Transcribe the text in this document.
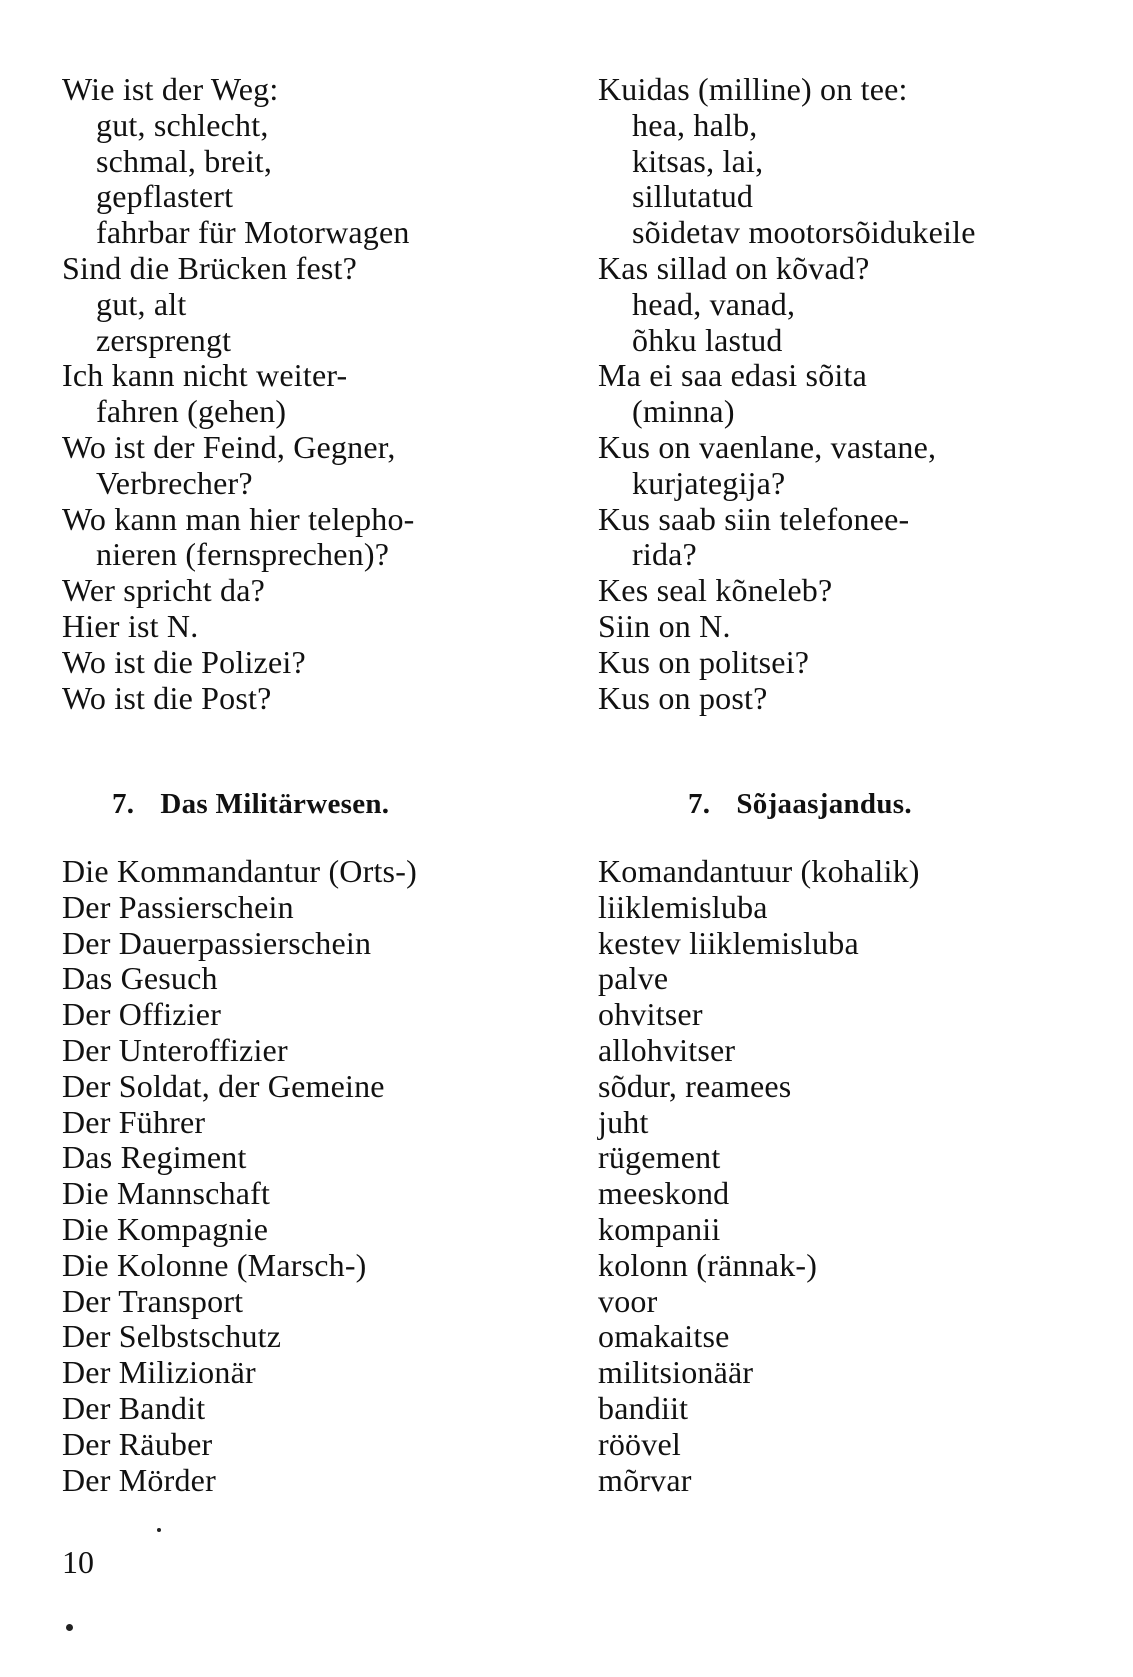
Wie ist der Weg:
gut, schlecht,
schmal, breit,
gepflastert
fahrbar für Motorwagen
Sind die Brücken fest?
gut, alt
zersprengt
Ich kann nicht weiter-
fahren (gehen)
Wo ist der Feind, Gegner,
Verbrecher?
Wo kann man hier telepho-
nieren (fernsprechen)?
Wer spricht da?
Hier ist N.
Wo ist die Polizei?
Wo ist die Post?
Kuidas (milline) on tee:
hea, halb,
kitsas, lai,
sillutatud
sõidetav mootorsõidukeile
Kas sillad on kõvad?
head, vanad,
õhku lastud
Ma ei saa edasi sõita
(minna)
Kus on vaenlane, vastane,
kurjategija?
Kus saab siin telefonee-
rida?
Kes seal kõneleb?
Siin on N.
Kus on politsei?
Kus on post?
7. Das Militärwesen.	7. Sõjaasjandus.
Die Kommandantur (Orts-)
Der Passierschein
Der Dauerpassierschein
Das Gesuch
Der Offizier
Der Unteroffizier
Der Soldat, der Gemeine
Der Führer
Das Regiment
Die Mannschaft
Die Kompagnie
Die Kolonne (Marsch-)
Der Transport
Der Selbstschutz
Der Milizionär
Der Bandit
Der Räuber
Der Mörder
Komandantuur (kohalik)
liiklemisluba
kestev liiklemisluba
palve
ohvitser
allohvitser
sõdur, reamees
juht
rügement
meeskond
kompanii
kolonn (rännak-)
voor
omakaitse
militsionäär
bandiit
röövel
mõrvar
10
